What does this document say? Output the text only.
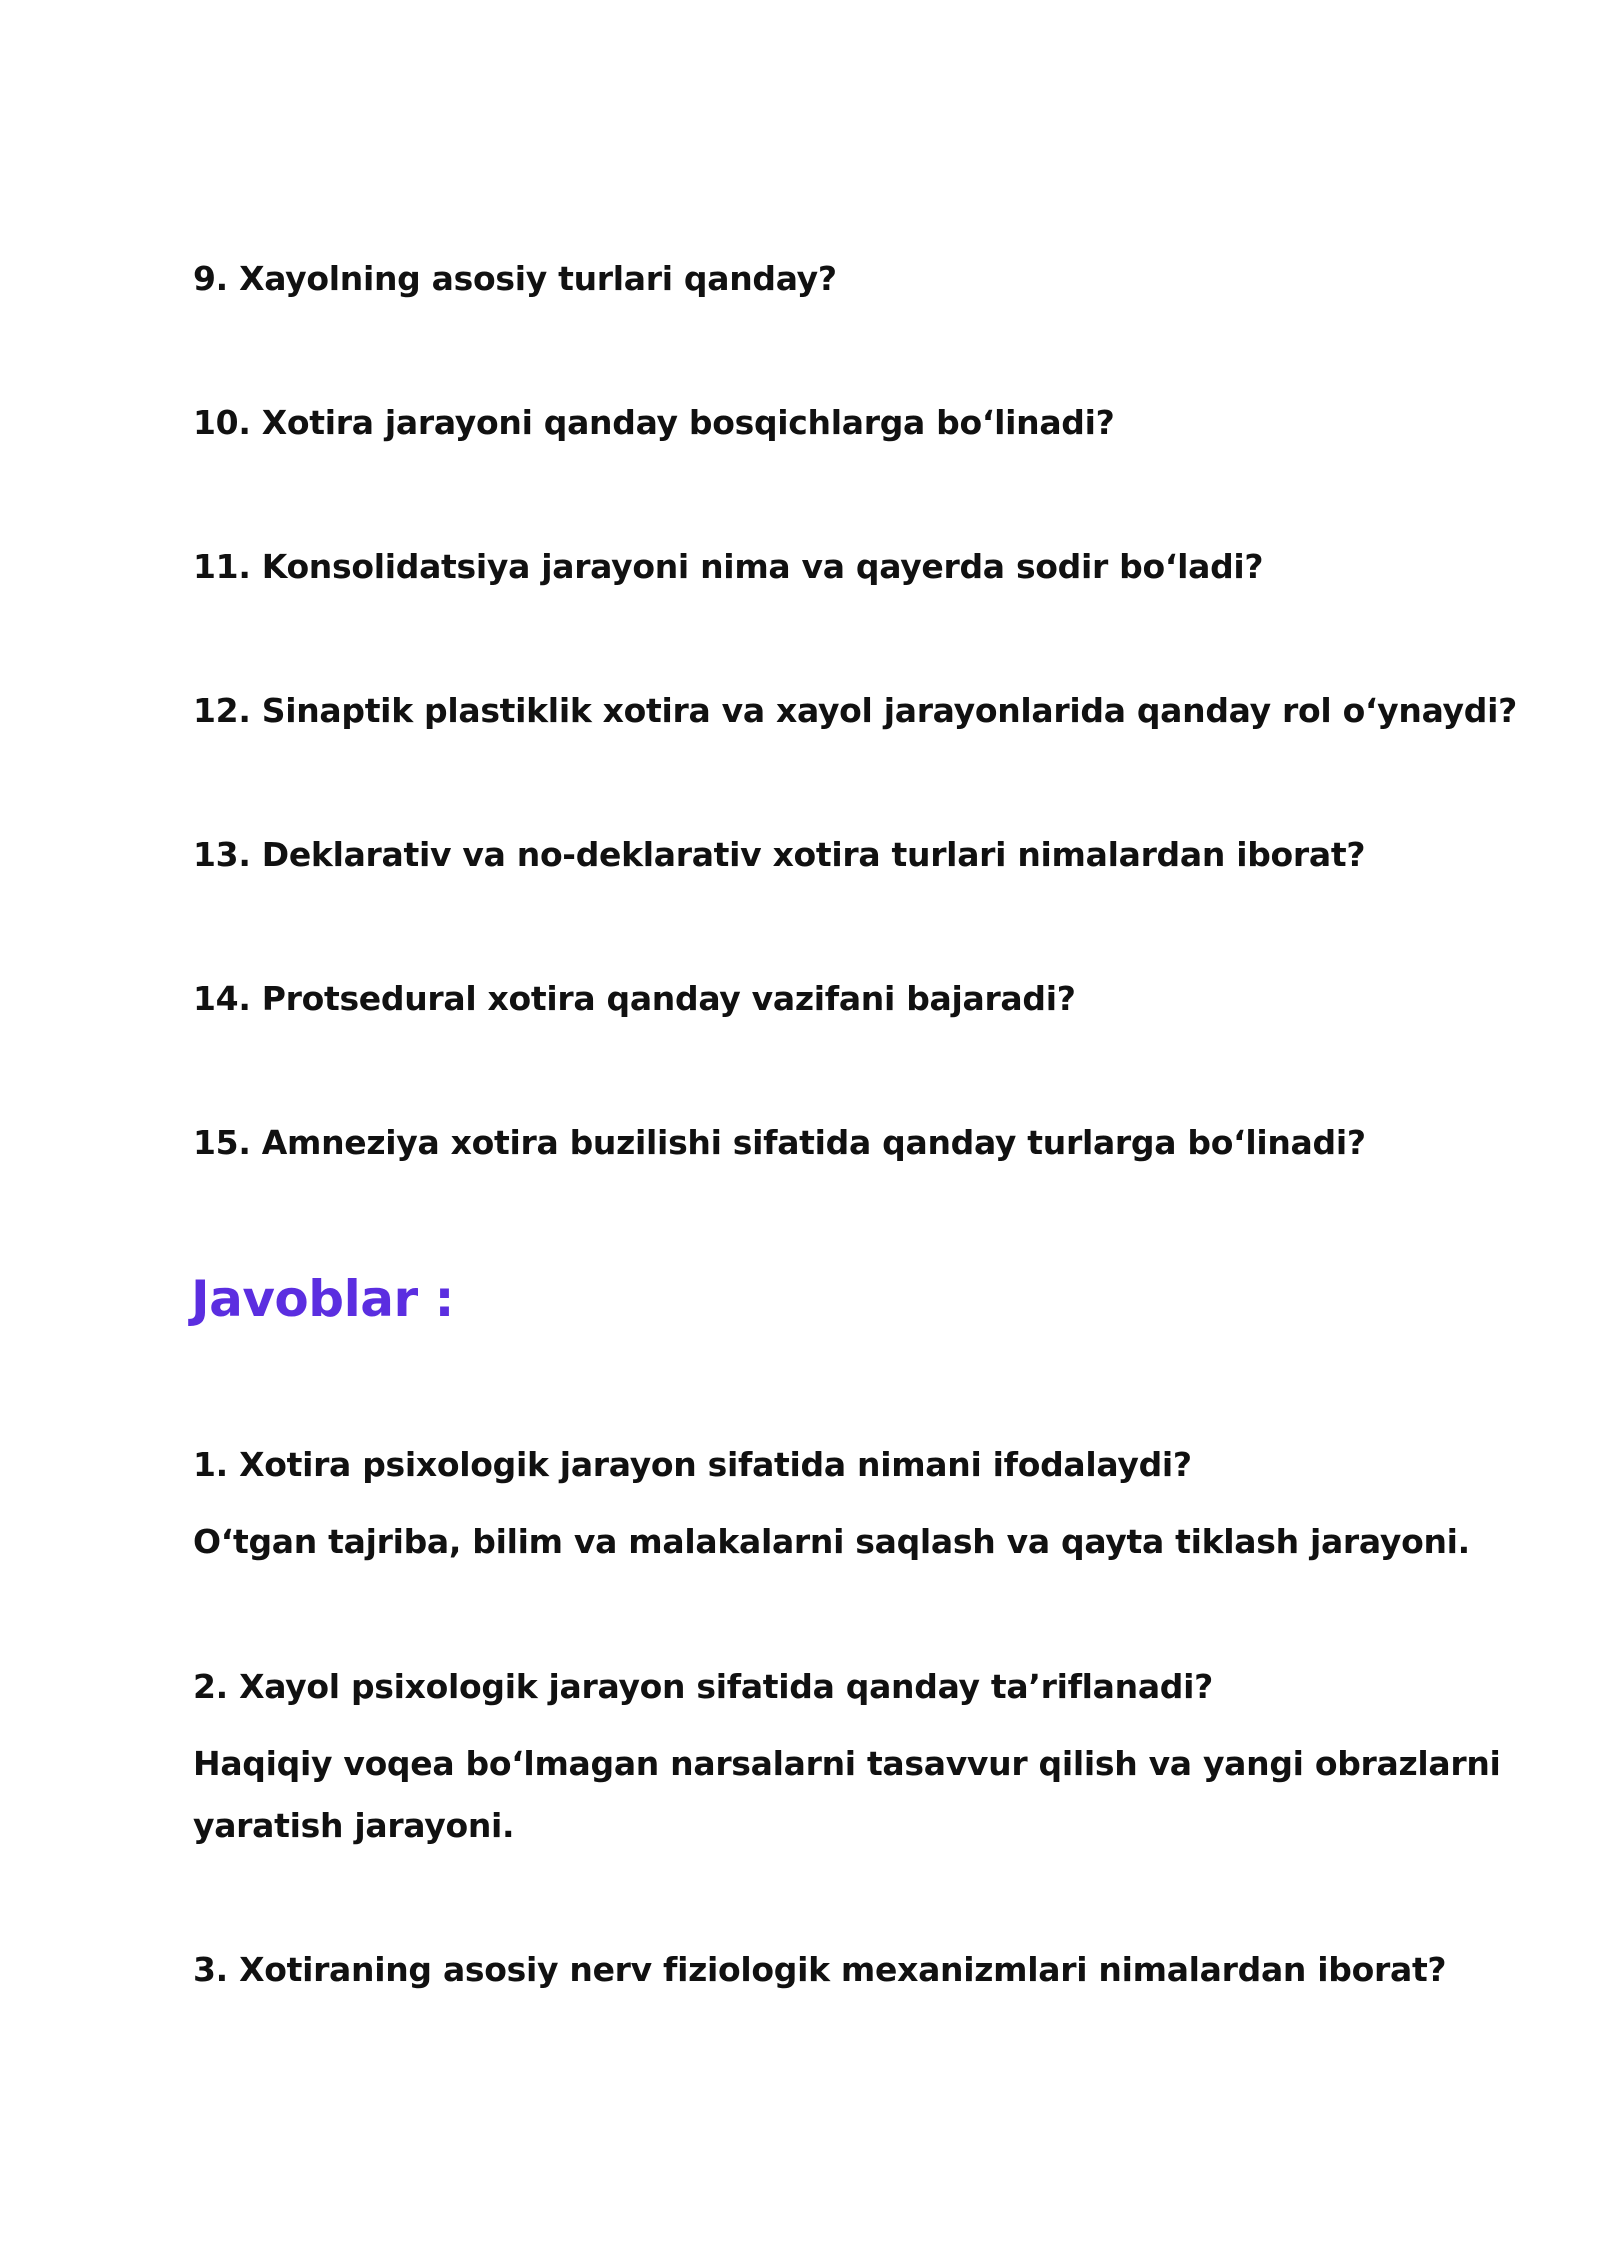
9. Xayolning asosiy turlari qanday?

10. Xotira jarayoni qanday bosqichlarga bo‘linadi?

11. Konsolidatsiya jarayoni nima va qayerda sodir bo‘ladi?

12. Sinaptik plastiklik xotira va xayol jarayonlarida qanday rol o‘ynaydi?

13. Deklarativ va no-deklarativ xotira turlari nimalardan iborat?

14. Protsedural xotira qanday vazifani bajaradi?

15. Amneziya xotira buzilishi sifatida qanday turlarga bo‘linadi?

Javoblar :

1. Xotira psixologik jarayon sifatida nimani ifodalaydi?

O‘tgan tajriba, bilim va malakalarni saqlash va qayta tiklash jarayoni.

2. Xayol psixologik jarayon sifatida qanday ta’riflanadi?

Haqiqiy voqea bo‘lmagan narsalarni tasavvur qilish va yangi obrazlarni

yaratish jarayoni.

3. Xotiraning asosiy nerv fiziologik mexanizmlari nimalardan iborat?
